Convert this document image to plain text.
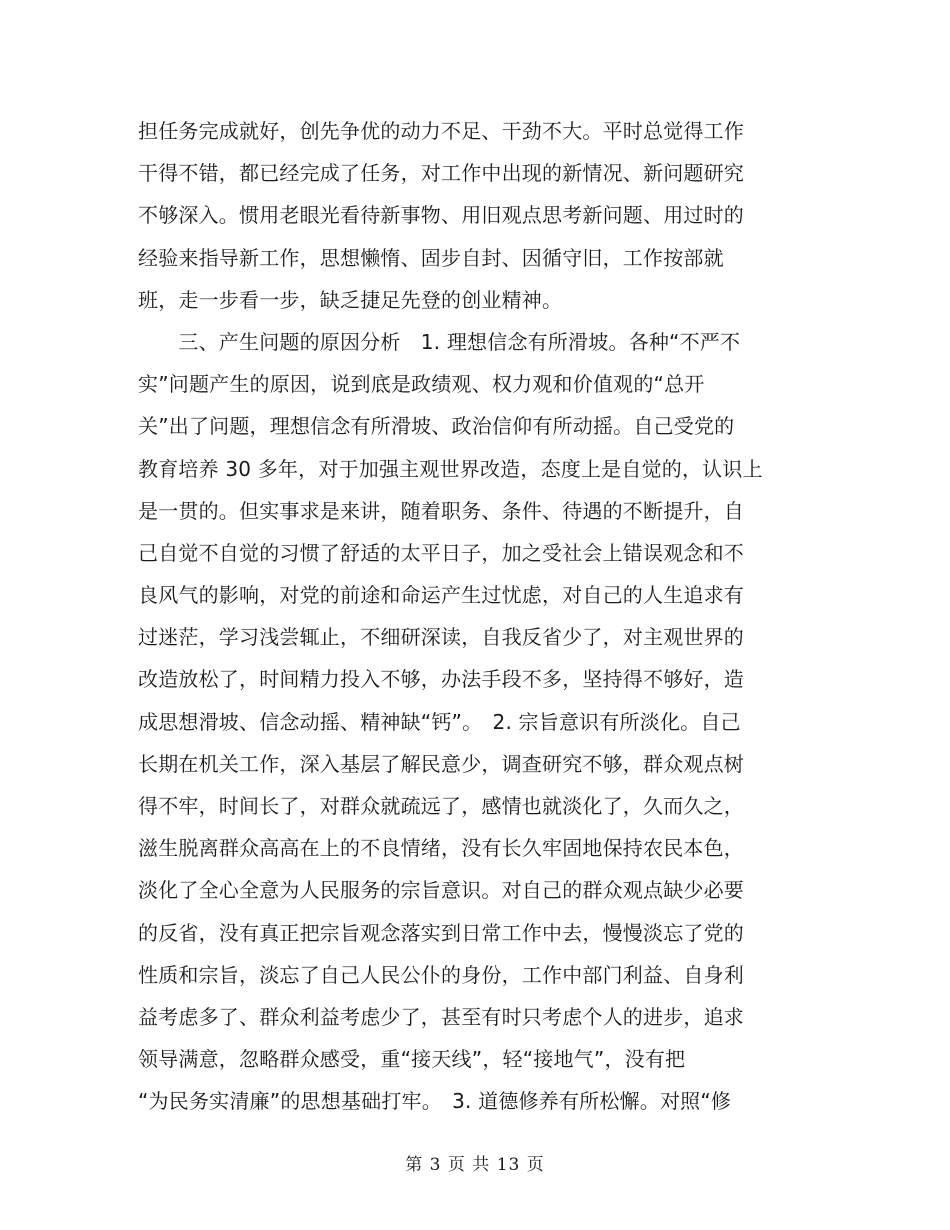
担任务完成就好，创先争优的动力不足、干劲不大。平时总觉得工作
干得不错，都已经完成了任务，对工作中出现的新情况、新问题研究
不够深入。惯用老眼光看待新事物、用旧观点思考新问题、用过时的
经验来指导新工作，思想懒惰、固步自封、因循守旧，工作按部就
班，走一步看一步，缺乏捷足先登的创业精神。
　　三、产生问题的原因分析　1. 理想信念有所滑坡。各种“不严不
实”问题产生的原因，说到底是政绩观、权力观和价值观的“总开
关”出了问题，理想信念有所滑坡、政治信仰有所动摇。自己受党的
教育培养 30 多年，对于加强主观世界改造，态度上是自觉的，认识上
是一贯的。但实事求是来讲，随着职务、条件、待遇的不断提升，自
己自觉不自觉的习惯了舒适的太平日子，加之受社会上错误观念和不
良风气的影响，对党的前途和命运产生过忧虑，对自己的人生追求有
过迷茫，学习浅尝辄止，不细研深读，自我反省少了，对主观世界的
改造放松了，时间精力投入不够，办法手段不多，坚持得不够好，造
成思想滑坡、信念动摇、精神缺“钙”。　2. 宗旨意识有所淡化。自己
长期在机关工作，深入基层了解民意少，调查研究不够，群众观点树
得不牢，时间长了，对群众就疏远了，感情也就淡化了，久而久之，
滋生脱离群众高高在上的不良情绪，没有长久牢固地保持农民本色，
淡化了全心全意为人民服务的宗旨意识。对自己的群众观点缺少必要
的反省，没有真正把宗旨观念落实到日常工作中去，慢慢淡忘了党的
性质和宗旨，淡忘了自己人民公仆的身份，工作中部门利益、自身利
益考虑多了、群众利益考虑少了，甚至有时只考虑个人的进步，追求
领导满意，忽略群众感受，重“接天线”，轻“接地气”，没有把
“为民务实清廉”的思想基础打牢。　3. 道德修养有所松懈。对照“修
第 3 页 共 13 页
